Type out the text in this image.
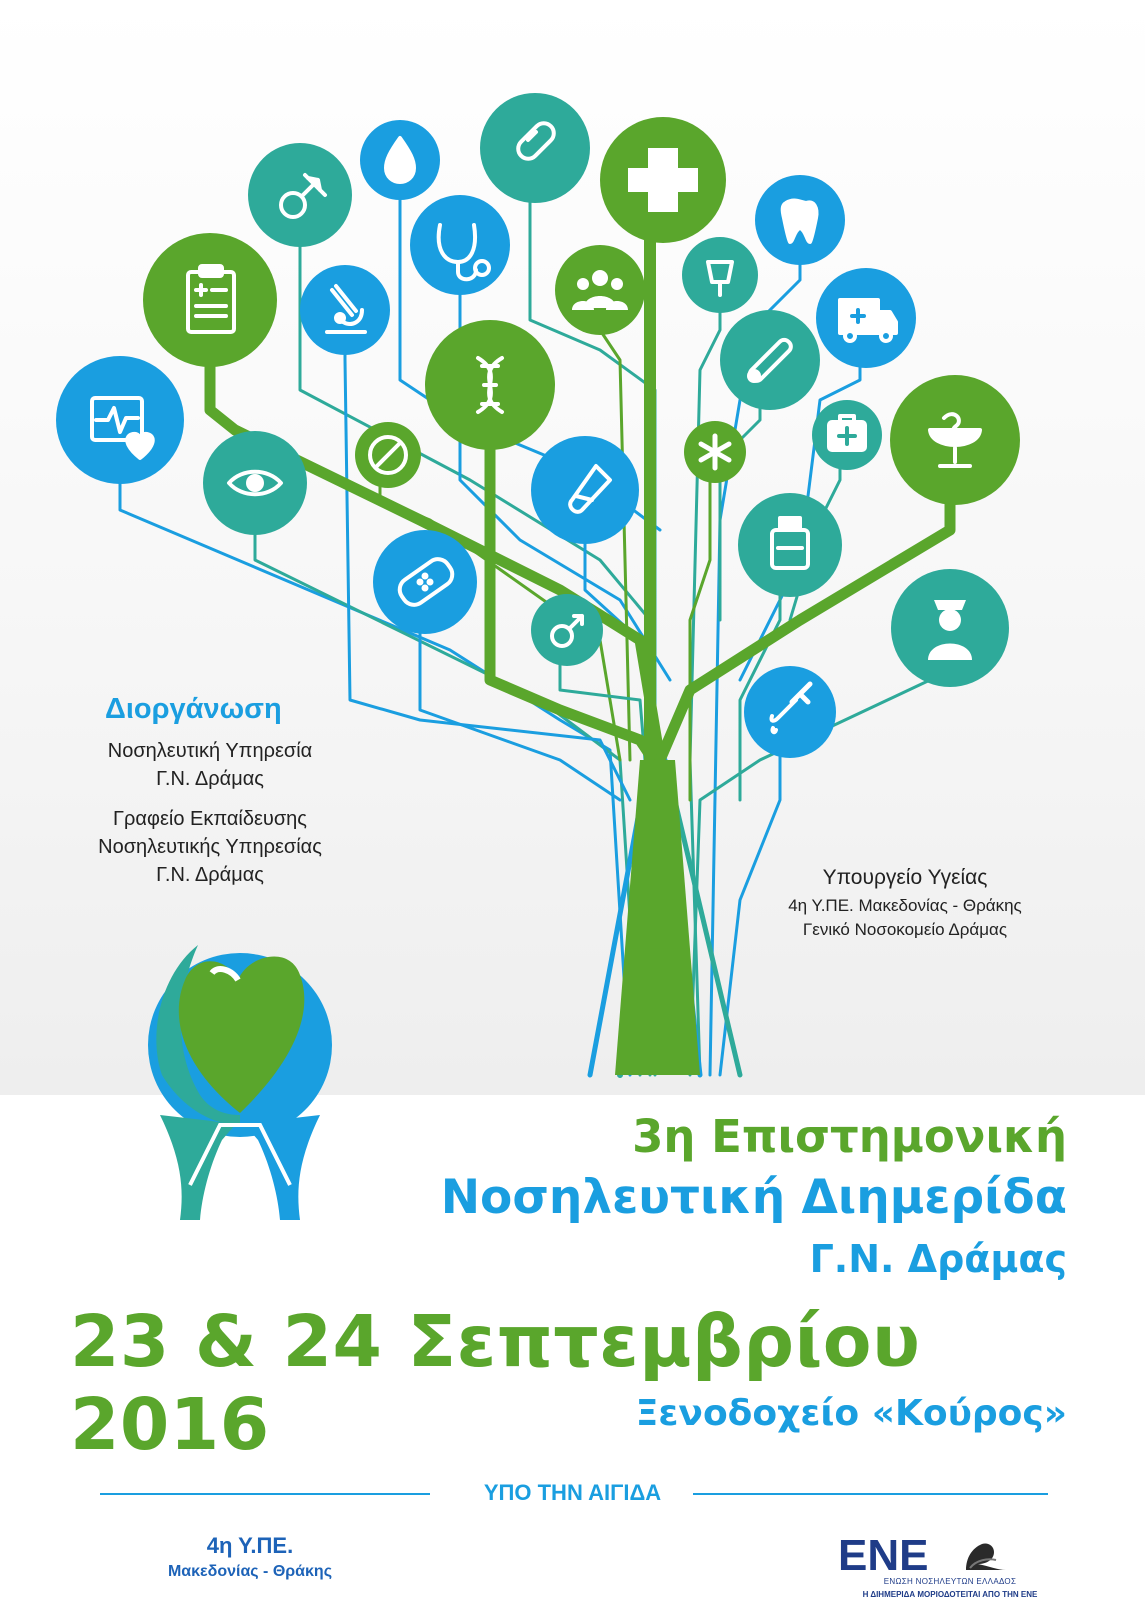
Διοργάνωση
Νοσηλευτική Υπηρεσία
Γ.Ν. Δράμας
Γραφείο Εκπαίδευσης
Νοσηλευτικής Υπηρεσίας
Γ.Ν. Δράμας	Υπουργείο Υγείας
4η Υ.ΠΕ. Μακεδονίας - Θράκης
Γενικό Νοσοκομείο Δράμας
3η Επιστημονική
Νοσηλευτική Διημερίδα
Γ.Ν. Δράμας
23 & 24 Σεπτεμβρίου 2016	Ξενοδοχείο «Κούρος»
ΥΠΟ ΤΗΝ ΑΙΓΙΔΑ
4η Υ.ΠΕ.
Μακεδονίας - Θράκης	ΕΝΕ
ΕΝΩΣΗ ΝΟΣΗΛΕΥΤΩΝ ΕΛΛΑΔΟΣ
Η ΔΙΗΜΕΡΙΔΑ ΜΟΡΙΟΔΟΤΕΙΤΑΙ ΑΠΟ ΤΗΝ ΕΝΕ
